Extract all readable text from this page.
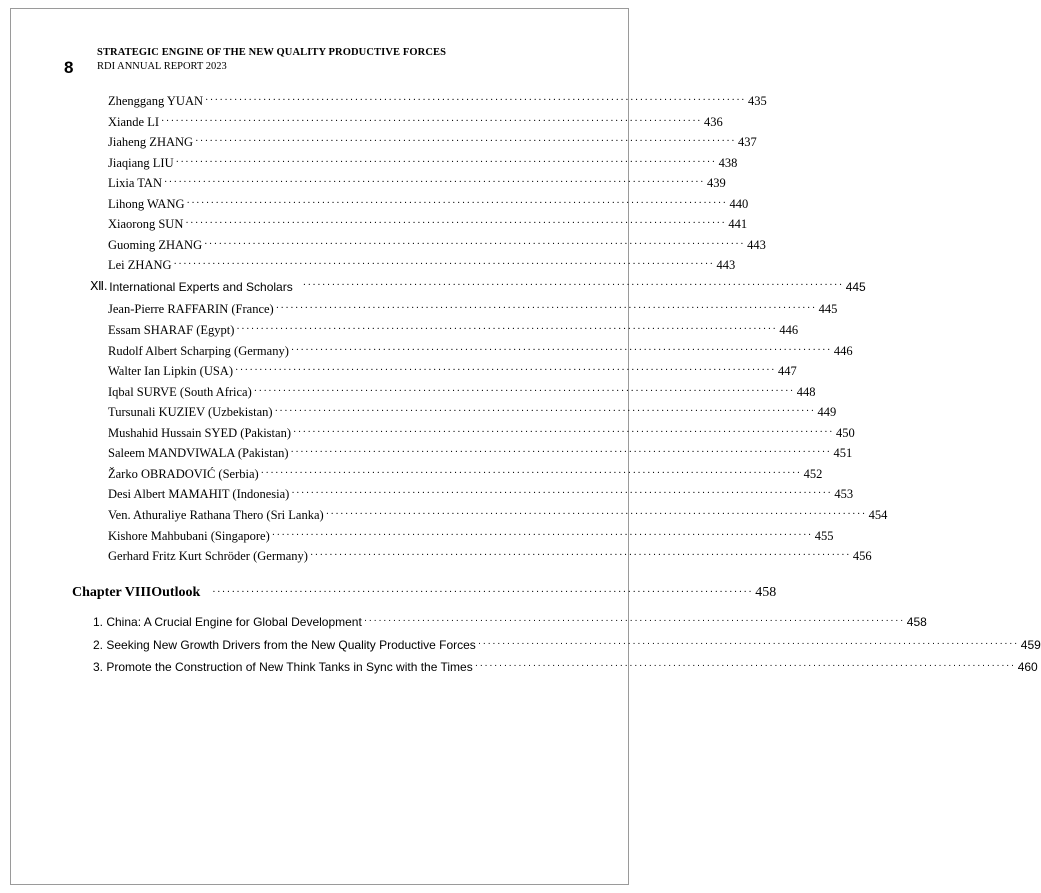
8
STRATEGIC ENGINE OF THE NEW QUALITY PRODUCTIVE FORCES
RDI ANNUAL REPORT 2023
Zhenggang YUAN ················································································································ 435
Xiande LI ················································································································ 436
Jiaheng ZHANG ················································································································ 437
Jiaqiang LIU ················································································································ 438
Lixia TAN ················································································································ 439
Lihong WANG ················································································································ 440
Xiaorong SUN ················································································································ 441
Guoming ZHANG ················································································································ 443
Lei ZHANG ················································································································ 443
Ⅻ. International Experts and Scholars ················································································································ 445
Jean-Pierre RAFFARIN (France) ················································································································ 445
Essam SHARAF (Egypt) ················································································································ 446
Rudolf Albert Scharping (Germany) ················································································································ 446
Walter Ian Lipkin (USA) ················································································································ 447
Iqbal SURVE (South Africa) ················································································································ 448
Tursunali KUZIEV (Uzbekistan) ················································································································ 449
Mushahid Hussain SYED (Pakistan) ················································································································ 450
Saleem MANDVIWALA (Pakistan) ················································································································ 451
Žarko OBRADOVIĆ (Serbia) ················································································································ 452
Desi Albert MAMAHIT (Indonesia) ················································································································ 453
Ven. Athuraliye Rathana Thero (Sri Lanka) ················································································································ 454
Kishore Mahbubani (Singapore) ················································································································ 455
Gerhard Fritz Kurt Schröder (Germany) ················································································································ 456
Chapter VIII Outlook ················································································································ 458
1. China: A Crucial Engine for Global Development ················································································································ 458
2. Seeking New Growth Drivers from the New Quality Productive Forces ················································································································ 459
3. Promote the Construction of New Think Tanks in Sync with the Times ················································································································ 460
